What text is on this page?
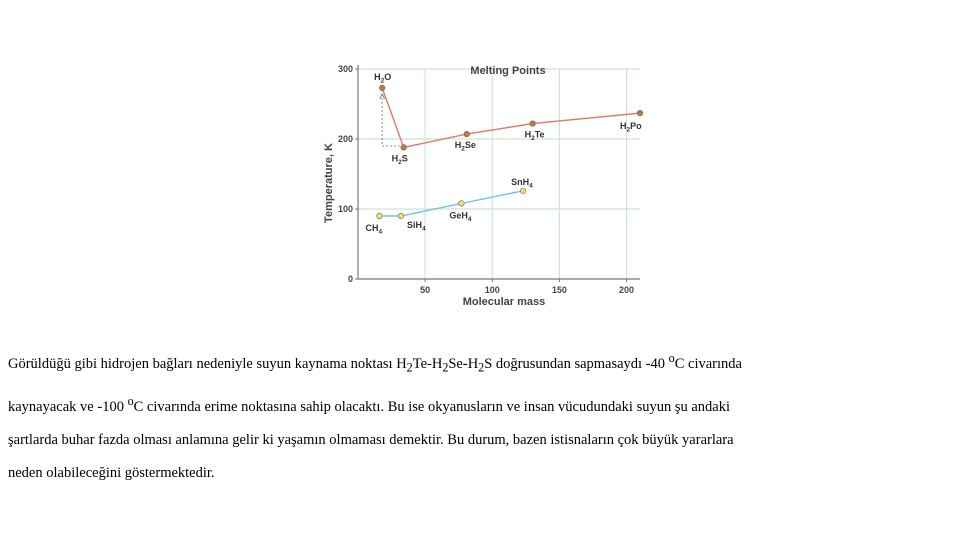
50	100	150	200
0
100
200
300
$H_2O$
$H_2S$
$H_2Se$
$H_2Te$
$H_2Po$
$CH_4$
SiH$_4$
GeH$_4$
SnH$_4$
Melting Points
Molecular mass
Temperature, K
Görüldüğü gibi hidrojen bağları nedeniyle suyun kaynama noktası $H_2Te-H_2Se-H_2S$ doğrusundan sapmasaydı -40 $^o$C civarında
kaynayacak ve -100 $^o$C civarında erime noktasına sahip olacaktı. Bu ise okyanusların ve insan vücudundaki suyun şu andaki
şartlarda buhar fazda olması anlamına gelir ki yaşamın olmaması demektir. Bu durum, bazen istisnaların çok büyük yararlara
neden olabileceğini göstermektedir.
